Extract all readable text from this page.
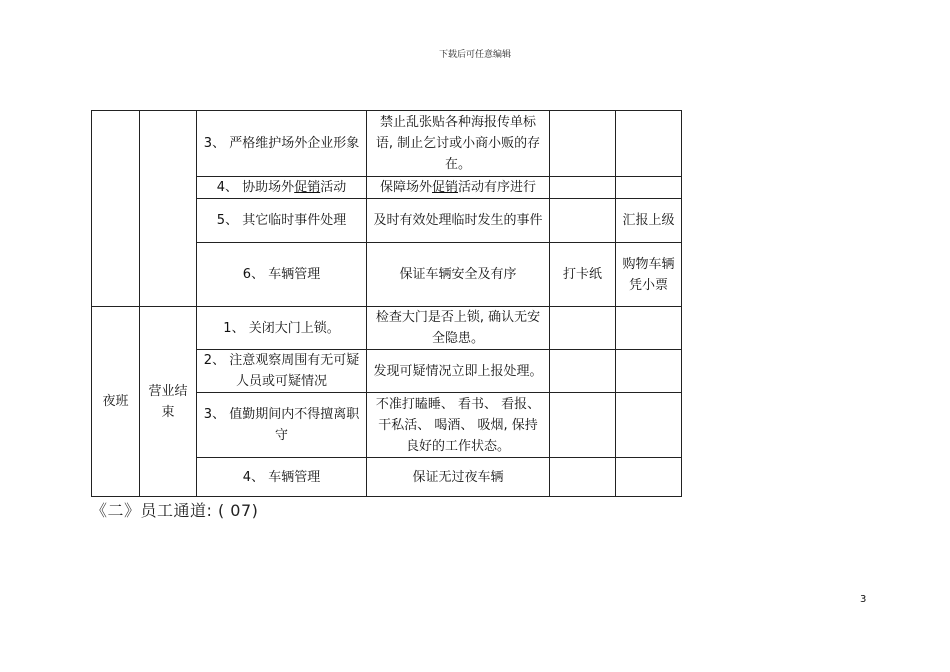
下载后可任意编辑
		3、 严格维护场外企业形象	禁止乱张贴各种海报传单标语, 制止乞讨或小商小贩的存在。		
		4、 协助场外促销活动	保障场外促销活动有序进行		
		5、 其它临时事件处理	及时有效处理临时发生的事件		汇报上级
		6、 车辆管理	保证车辆安全及有序	打卡纸	购物车辆凭小票
夜班	营业结束	1、 关闭大门上锁。	检查大门是否上锁, 确认无安全隐患。		
		2、 注意观察周围有无可疑人员或可疑情况	发现可疑情况立即上报处理。		
		3、 值勤期间内不得擅离职守	不准打瞌睡、 看书、 看报、 干私活、 喝酒、 吸烟, 保持良好的工作状态。		
		4、 车辆管理	保证无过夜车辆		
《二》员工通道: ( 07)
3
